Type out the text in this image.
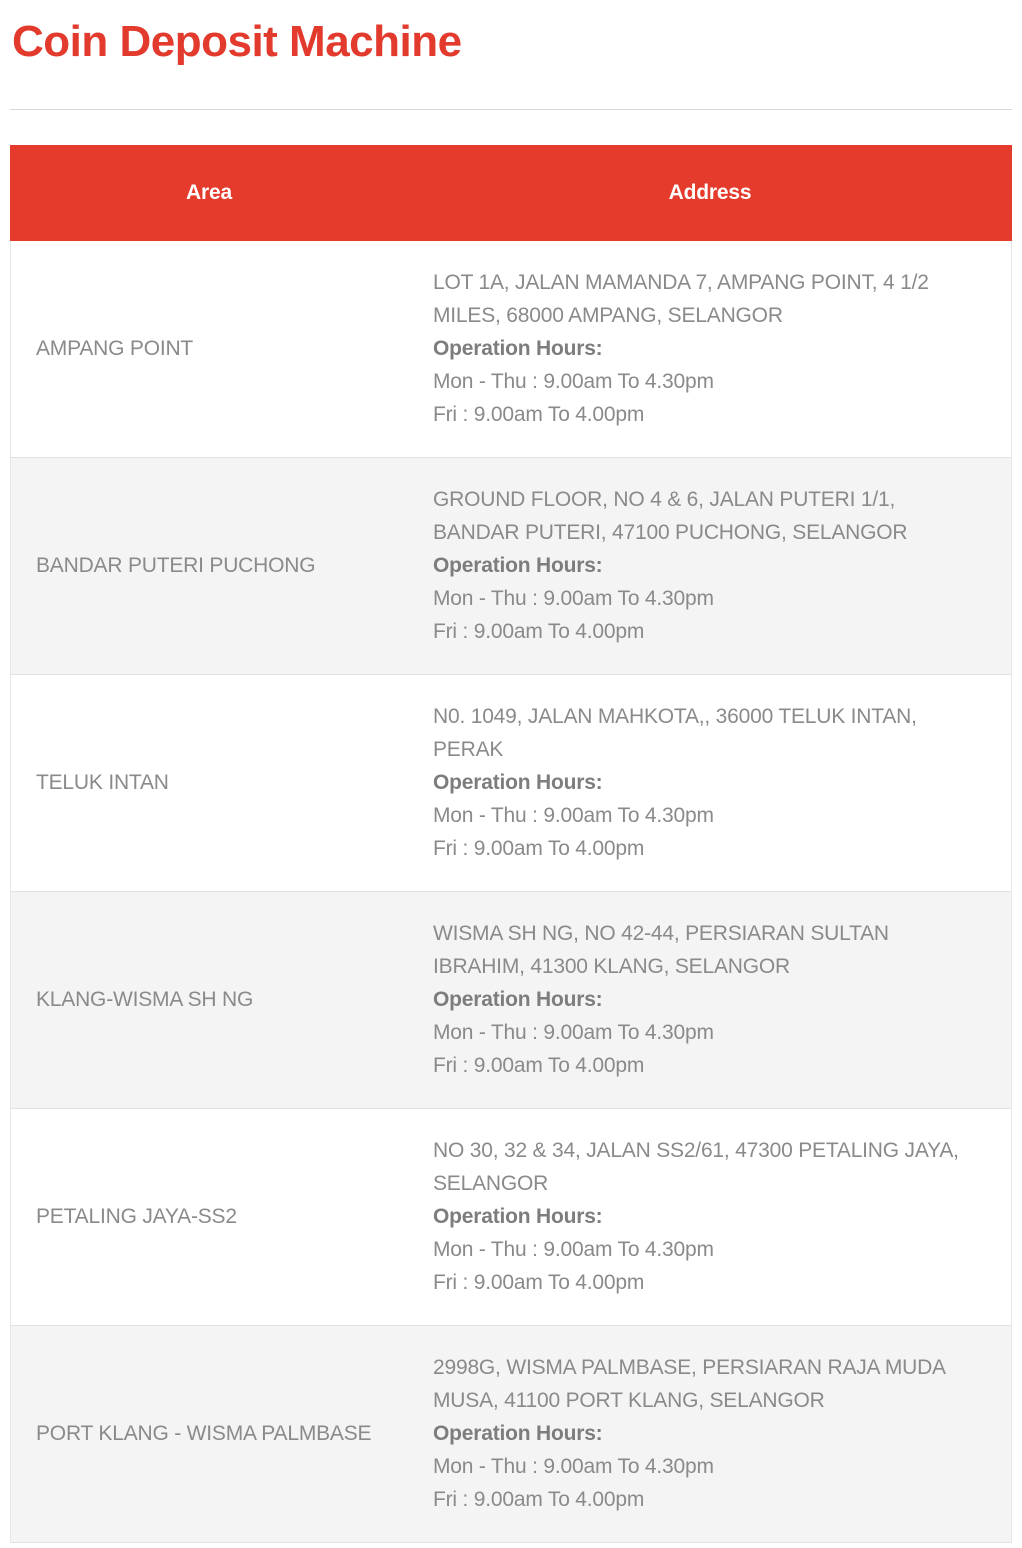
Coin Deposit Machine
Area	Address
AMPANG POINT
LOT 1A, JALAN MAMANDA 7, AMPANG POINT, 4 1/2 MILES, 68000 AMPANG, SELANGOR
Operation Hours:
Mon - Thu : 9.00am To 4.30pm
Fri : 9.00am To 4.00pm
BANDAR PUTERI PUCHONG
GROUND FLOOR, NO 4 & 6, JALAN PUTERI 1/1, BANDAR PUTERI, 47100 PUCHONG, SELANGOR
Operation Hours:
Mon - Thu : 9.00am To 4.30pm
Fri : 9.00am To 4.00pm
TELUK INTAN
N0. 1049, JALAN MAHKOTA,, 36000 TELUK INTAN, PERAK
Operation Hours:
Mon - Thu : 9.00am To 4.30pm
Fri : 9.00am To 4.00pm
KLANG-WISMA SH NG
WISMA SH NG, NO 42-44, PERSIARAN SULTAN IBRAHIM, 41300 KLANG, SELANGOR
Operation Hours:
Mon - Thu : 9.00am To 4.30pm
Fri : 9.00am To 4.00pm
PETALING JAYA-SS2
NO 30, 32 & 34, JALAN SS2/61, 47300 PETALING JAYA, SELANGOR
Operation Hours:
Mon - Thu : 9.00am To 4.30pm
Fri : 9.00am To 4.00pm
PORT KLANG - WISMA PALMBASE
2998G, WISMA PALMBASE, PERSIARAN RAJA MUDA MUSA, 41100 PORT KLANG, SELANGOR
Operation Hours:
Mon - Thu : 9.00am To 4.30pm
Fri : 9.00am To 4.00pm
